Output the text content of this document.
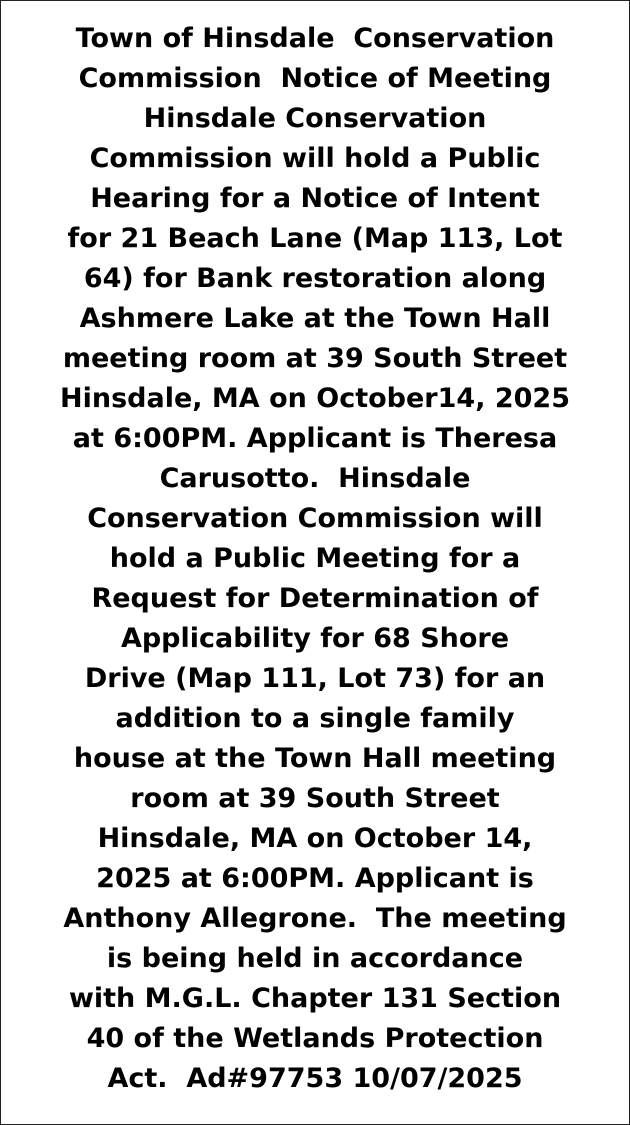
Town of Hinsdale  Conservation
Commission  Notice of Meeting
Hinsdale Conservation
Commission will hold a Public
Hearing for a Notice of Intent
for 21 Beach Lane (Map 113, Lot
64) for Bank restoration along
Ashmere Lake at the Town Hall
meeting room at 39 South Street
Hinsdale, MA on October14, 2025
at 6:00PM. Applicant is Theresa
Carusotto.  Hinsdale
Conservation Commission will
hold a Public Meeting for a
Request for Determination of
Applicability for 68 Shore
Drive (Map 111, Lot 73) for an
addition to a single family
house at the Town Hall meeting
room at 39 South Street
Hinsdale, MA on October 14,
2025 at 6:00PM. Applicant is
Anthony Allegrone.  The meeting
is being held in accordance
with M.G.L. Chapter 131 Section
40 of the Wetlands Protection
Act.  Ad#97753 10/07/2025
